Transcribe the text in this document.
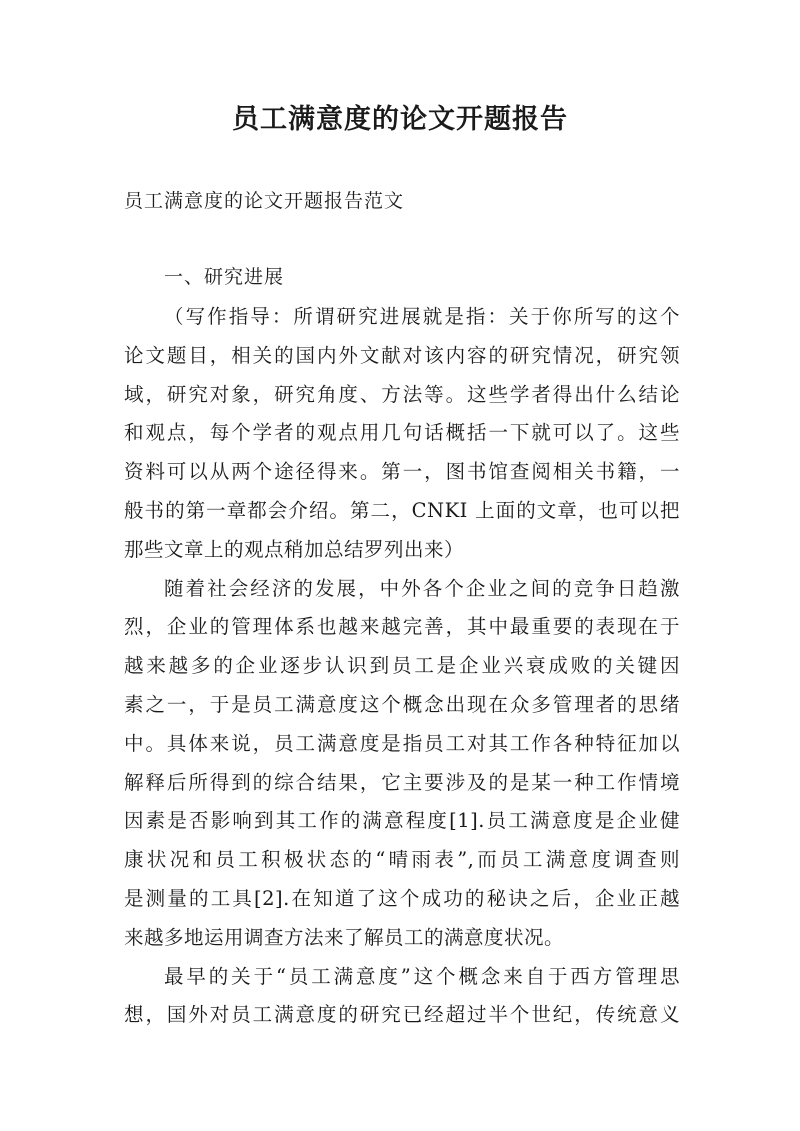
员工满意度的论文开题报告

员工满意度的论文开题报告范文

一、研究进展

（写作指导：所谓研究进展就是指：关于你所写的这个
论文题目，相关的国内外文献对该内容的研究情况，研究领
域，研究对象，研究角度、方法等。这些学者得出什么结论
和观点，每个学者的观点用几句话概括一下就可以了。这些
资料可以从两个途径得来。第一，图书馆查阅相关书籍，一
般书的第一章都会介绍。第二，CNKI 上面的文章，也可以把
那些文章上的观点稍加总结罗列出来）
随着社会经济的发展，中外各个企业之间的竞争日趋激
烈，企业的管理体系也越来越完善，其中最重要的表现在于
越来越多的企业逐步认识到员工是企业兴衰成败的关键因
素之一，于是员工满意度这个概念出现在众多管理者的思绪
中。具体来说，员工满意度是指员工对其工作各种特征加以
解释后所得到的综合结果，它主要涉及的是某一种工作情境
因素是否影响到其工作的满意程度[1].员工满意度是企业健
康状况和员工积极状态的“晴雨表”,而员工满意度调查则
是测量的工具[2].在知道了这个成功的秘诀之后，企业正越
来越多地运用调查方法来了解员工的满意度状况。
最早的关于“员工满意度”这个概念来自于西方管理思
想，国外对员工满意度的研究已经超过半个世纪，传统意义
